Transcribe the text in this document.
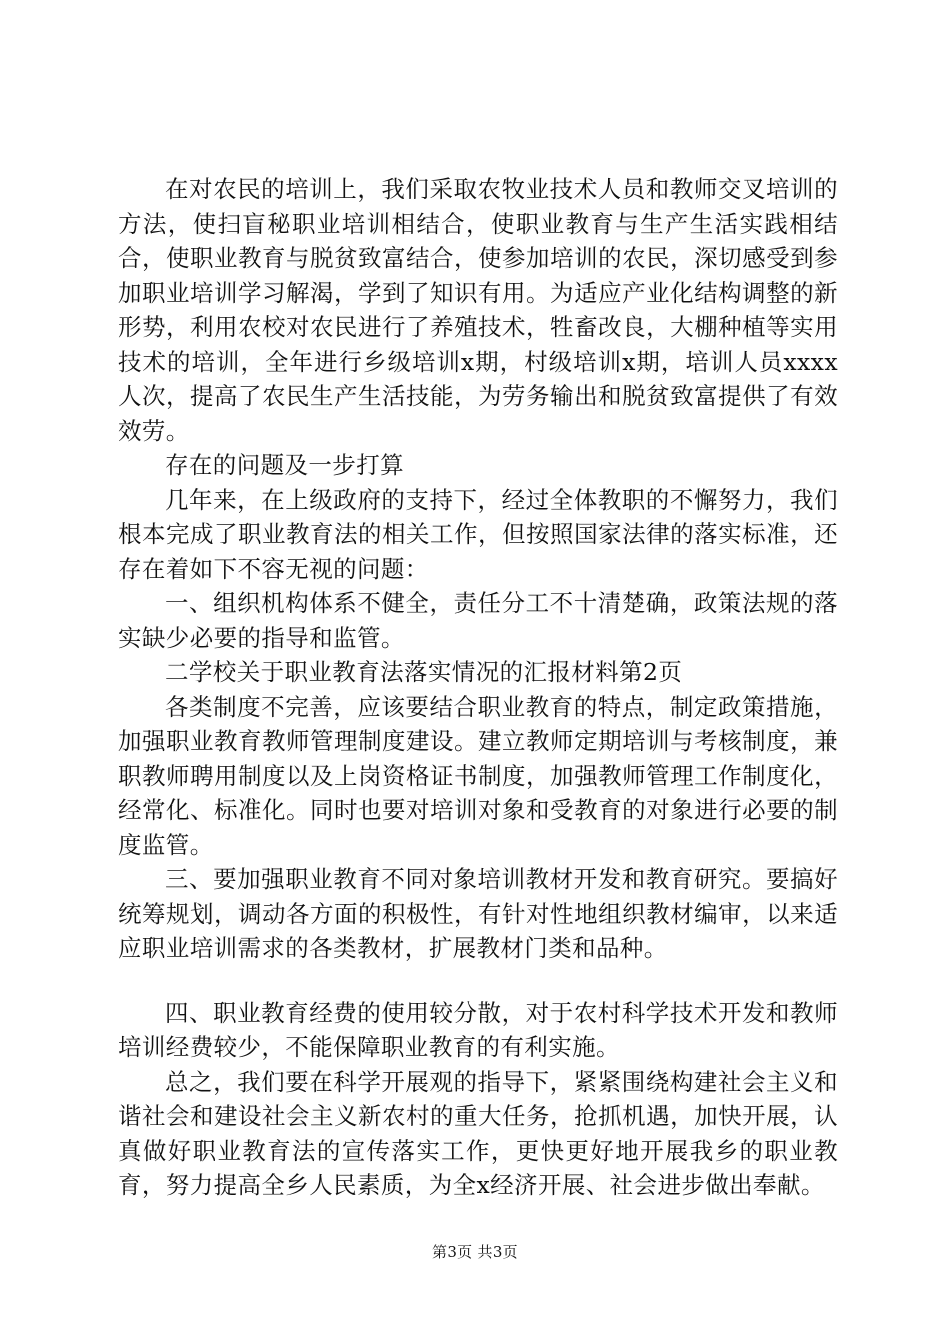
在对农民的培训上，我们采取农牧业技术人员和教师交叉培训的方法，使扫盲秘职业培训相结合，使职业教育与生产生活实践相结合，使职业教育与脱贫致富结合，使参加培训的农民，深切感受到参加职业培训学习解渴，学到了知识有用。为适应产业化结构调整的新形势，利用农校对农民进行了养殖技术，牲畜改良，大棚种植等实用技术的培训，全年进行乡级培训x期，村级培训x期，培训人员xxxx人次，提高了农民生产生活技能，为劳务输出和脱贫致富提供了有效效劳。

存在的问题及一步打算

几年来，在上级政府的支持下，经过全体教职的不懈努力，我们根本完成了职业教育法的相关工作，但按照国家法律的落实标准，还存在着如下不容无视的问题：

一、组织机构体系不健全，责任分工不十清楚确，政策法规的落实缺少必要的指导和监管。

二学校关于职业教育法落实情况的汇报材料第2页

各类制度不完善，应该要结合职业教育的特点，制定政策措施，加强职业教育教师管理制度建设。建立教师定期培训与考核制度，兼职教师聘用制度以及上岗资格证书制度，加强教师管理工作制度化，经常化、标准化。同时也要对培训对象和受教育的对象进行必要的制度监管。

三、要加强职业教育不同对象培训教材开发和教育研究。要搞好统筹规划，调动各方面的积极性，有针对性地组织教材编审，以来适应职业培训需求的各类教材，扩展教材门类和品种。

四、职业教育经费的使用较分散，对于农村科学技术开发和教师培训经费较少，不能保障职业教育的有利实施。

总之，我们要在科学开展观的指导下，紧紧围绕构建社会主义和谐社会和建设社会主义新农村的重大任务，抢抓机遇，加快开展，认真做好职业教育法的宣传落实工作，更快更好地开展我乡的职业教育，努力提高全乡人民素质，为全x经济开展、社会进步做出奉献。

第3页 共3页
